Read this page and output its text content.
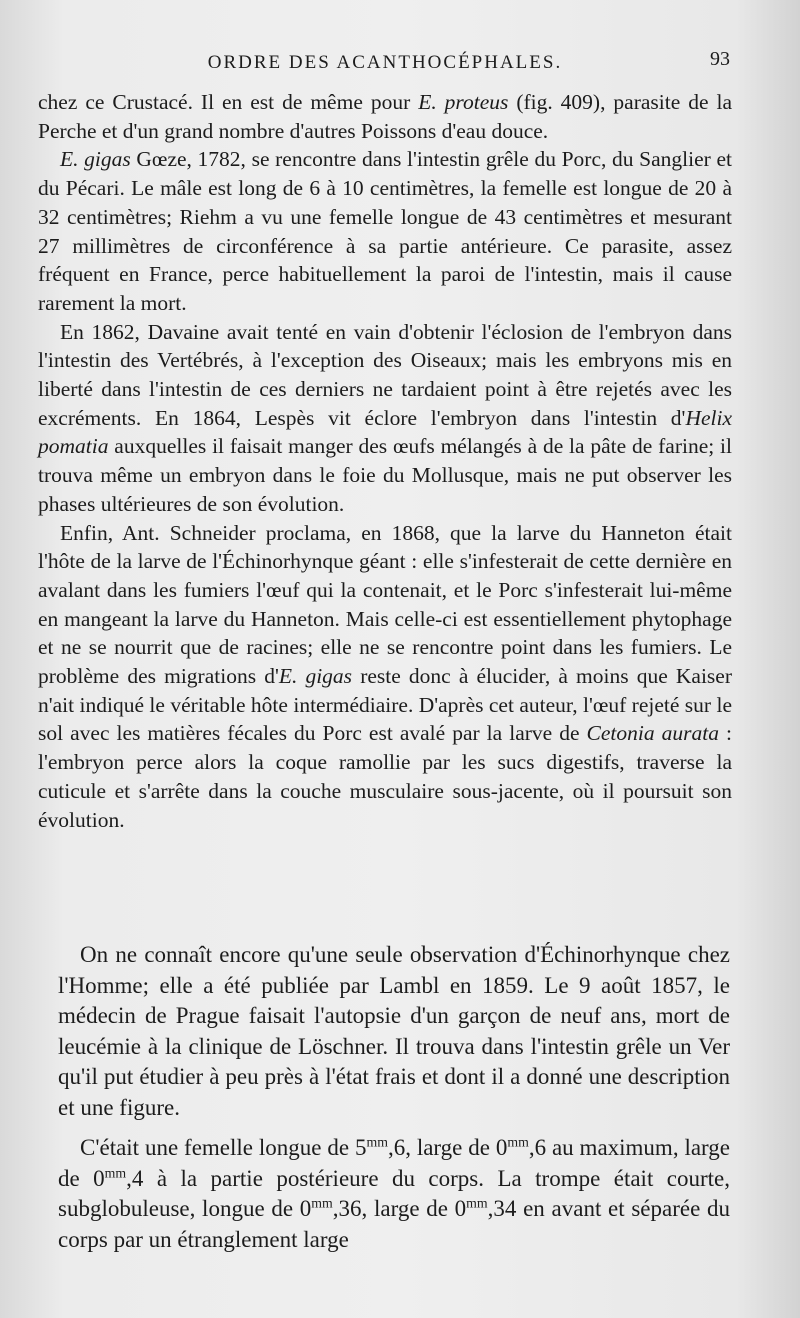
ORDRE DES ACANTHOCÉPHALES.	93

chez ce Crustacé. Il en est de même pour E. proteus (fig. 409), parasite de la Perche et d'un grand nombre d'autres Poissons d'eau douce.

E. gigas Gœze, 1782, se rencontre dans l'intestin grêle du Porc, du Sanglier et du Pécari. Le mâle est long de 6 à 10 centimètres, la femelle est longue de 20 à 32 centimètres; Riehm a vu une femelle longue de 43 centimètres et mesurant 27 millimètres de circonférence à sa partie antérieure. Ce parasite, assez fréquent en France, perce habituellement la paroi de l'intestin, mais il cause rarement la mort.

En 1862, Davaine avait tenté en vain d'obtenir l'éclosion de l'embryon dans l'intestin des Vertébrés, à l'exception des Oiseaux; mais les embryons mis en liberté dans l'intestin de ces derniers ne tardaient point à être rejetés avec les excréments. En 1864, Lespès vit éclore l'embryon dans l'intestin d'Helix pomatia auxquelles il faisait manger des œufs mélangés à de la pâte de farine; il trouva même un embryon dans le foie du Mollusque, mais ne put observer les phases ultérieures de son évolution.

Enfin, Ant. Schneider proclama, en 1868, que la larve du Hanneton était l'hôte de la larve de l'Échinorhynque géant : elle s'infesterait de cette dernière en avalant dans les fumiers l'œuf qui la contenait, et le Porc s'infesterait lui-même en mangeant la larve du Hanneton. Mais celle-ci est essentiellement phytophage et ne se nourrit que de racines; elle ne se rencontre point dans les fumiers. Le problème des migrations d'E. gigas reste donc à élucider, à moins que Kaiser n'ait indiqué le véritable hôte intermédiaire. D'après cet auteur, l'œuf rejeté sur le sol avec les matières fécales du Porc est avalé par la larve de Cetonia aurata : l'embryon perce alors la coque ramollie par les sucs digestifs, traverse la cuticule et s'arrête dans la couche musculaire sous-jacente, où il poursuit son évolution.

On ne connaît encore qu'une seule observation d'Échinorhynque chez l'Homme; elle a été publiée par Lambl en 1859. Le 9 août 1857, le médecin de Prague faisait l'autopsie d'un garçon de neuf ans, mort de leucémie à la clinique de Löschner. Il trouva dans l'intestin grêle un Ver qu'il put étudier à peu près à l'état frais et dont il a donné une description et une figure.

C'était une femelle longue de $5^{mm},6$, large de $0^{mm},6$ au maximum, large de $0^{mm},4$ à la partie postérieure du corps. La trompe était courte, subglobuleuse, longue de $0^{mm},36$, large de $0^{mm},34$ en avant et séparée du corps par un étranglement large
